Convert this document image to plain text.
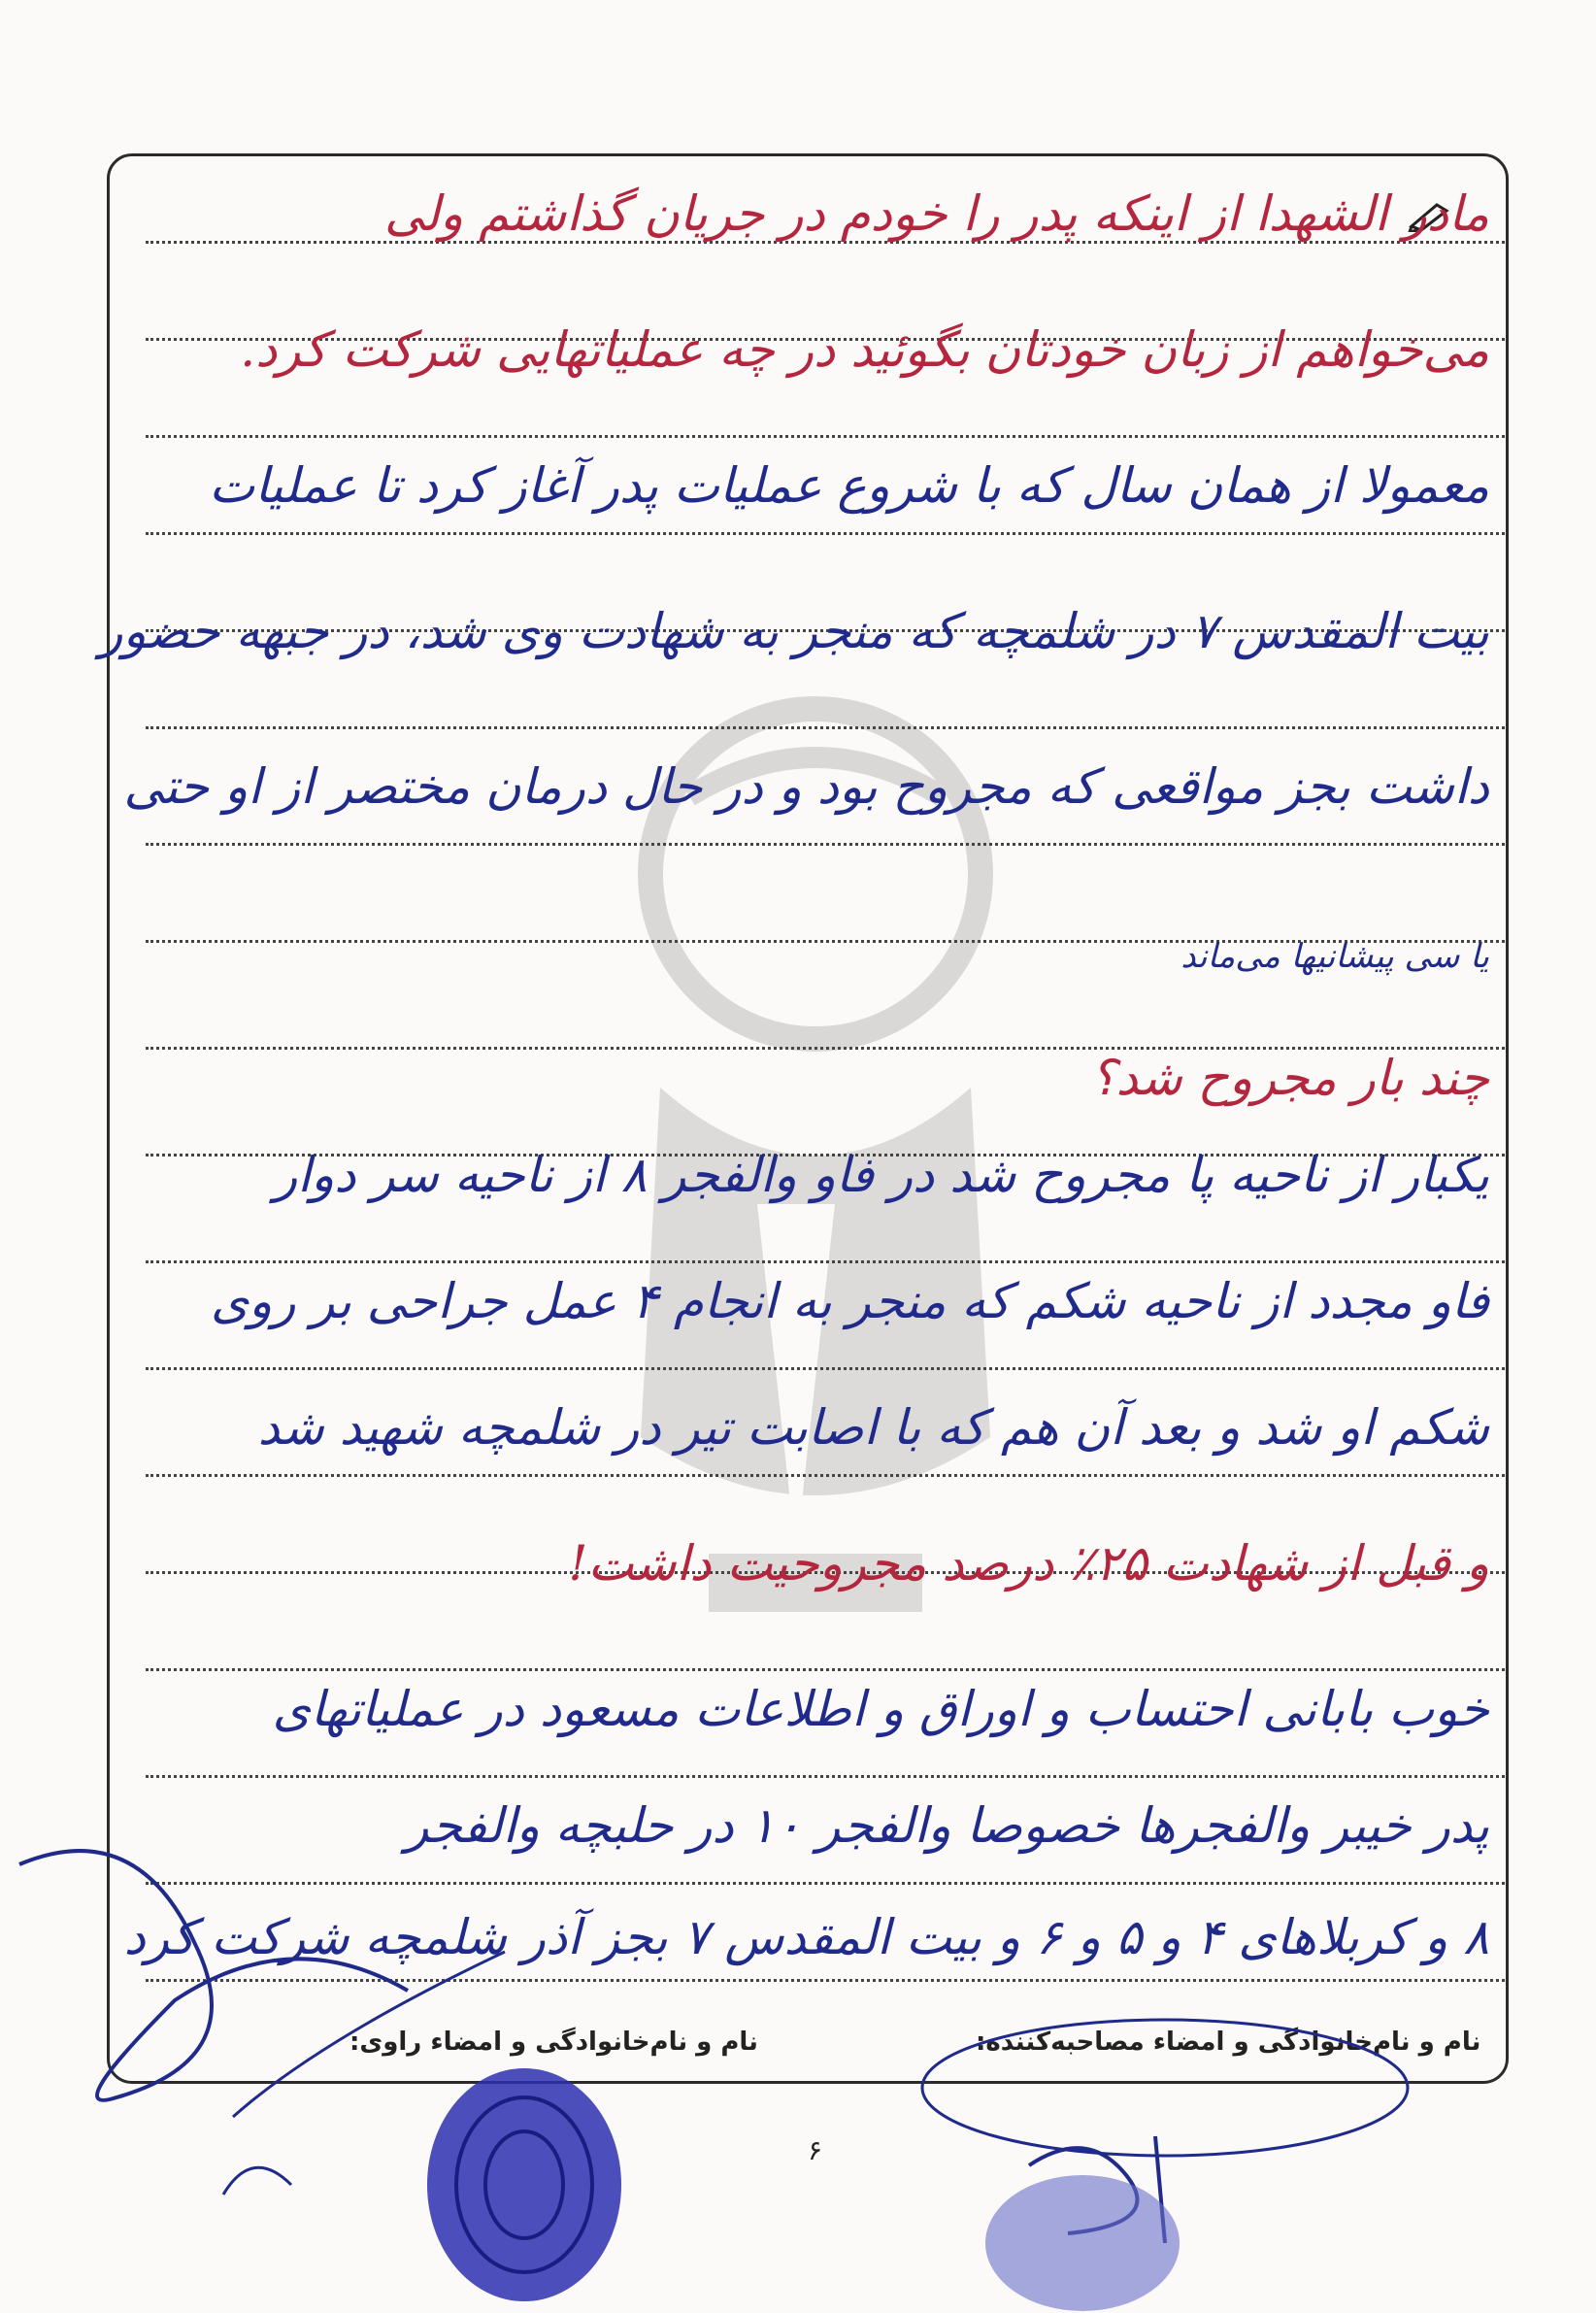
مادر الشهدا از اینکه پدر را خودم در جریان گذاشتم ولی
می‌خواهم از زبان خودتان بگوئید در چه عملیاتهایی شرکت کرد.
معمولا از همان سال که با شروع عملیات پدر آغاز کرد تا عملیات
بیت المقدس ۷ در شلمچه که منجر به شهادت وی شد، در جبهه حضور
داشت بجز مواقعی که مجروح بود و در حال درمان مختصر از او حتی
یا سی پیشانیها می‌ماند
چند بار مجروح شد؟
یکبار از ناحیه پا مجروح شد در فاو والفجر ۸ از ناحیه سر دوار
فاو مجدد از ناحیه شکم که منجر به انجام ۴ عمل جراحی بر روی
شکم او شد و بعد آن هم که با اصابت تیر در شلمچه شهید شد
و قبل از شهادت ۲۵٪ درصد مجروحیت داشت!
خوب بابانی احتساب و اوراق و اطلاعات مسعود در عملیاتهای
پدر خیبر والفجرها خصوصا والفجر ۱۰ در حلبچه والفجر
۸ و کربلاهای ۴ و ۵ و ۶ و بیت المقدس ۷ بجز آذر شلمچه شرکت کرد
نام و نام‌خانوادگی و امضاء مصاحبه‌کننده:
نام و نام‌خانوادگی و امضاء راوی:
۶
